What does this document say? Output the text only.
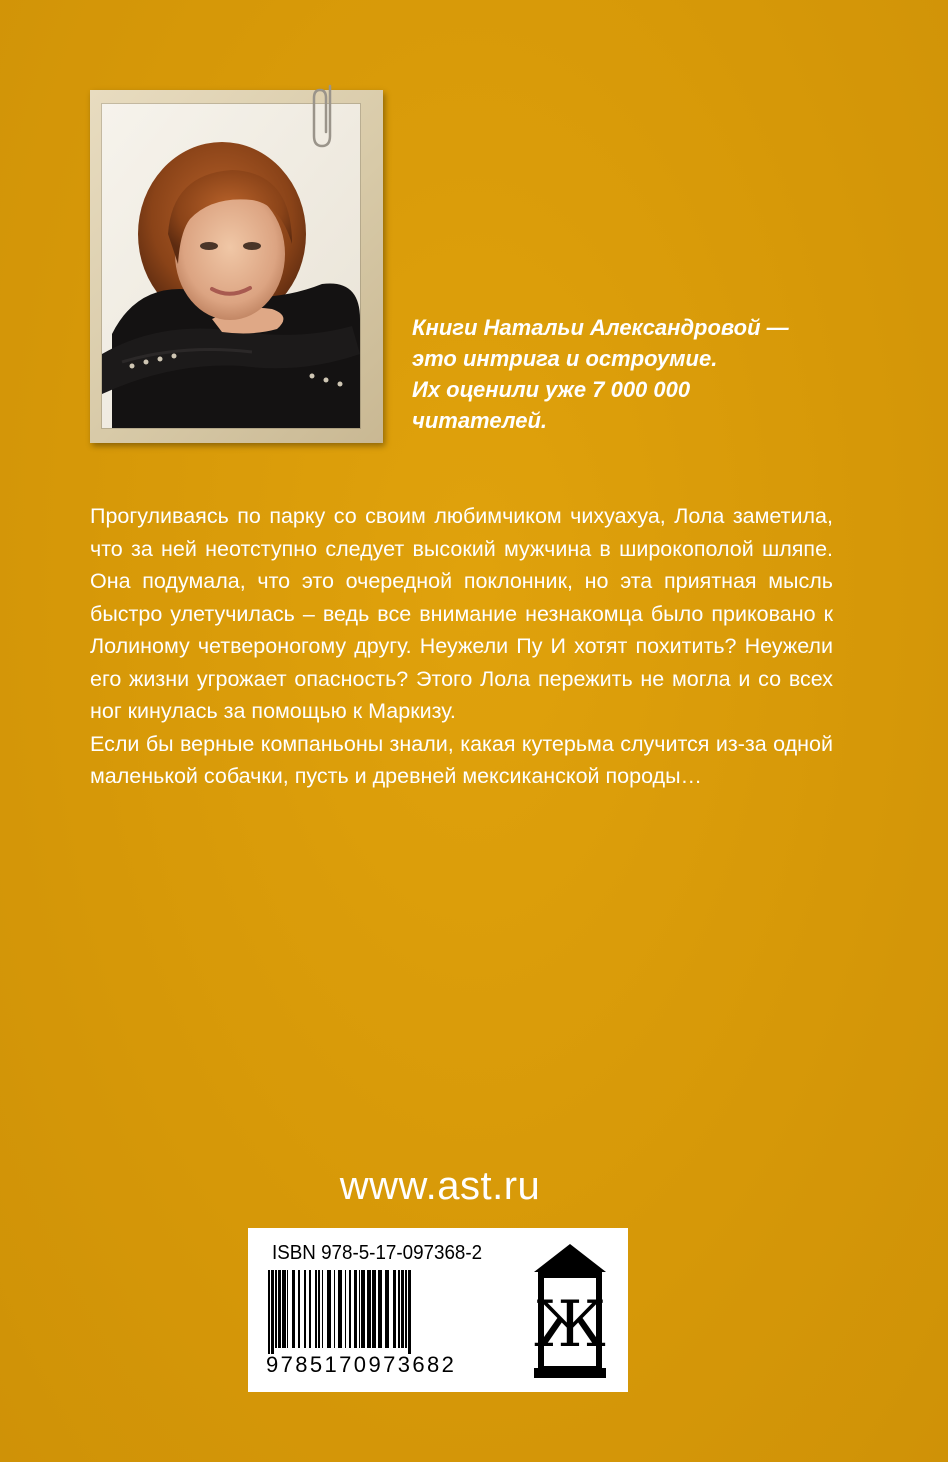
Книги Натальи Александровой —
это интрига и остроумие.
Их оценили уже 7 000 000
читателей.

Прогуливаясь по парку со своим любимчиком чихуахуа, Лола заметила, что за ней неотступно следует высокий мужчина в широкополой шляпе. Она подумала, что это очередной поклонник, но эта приятная мысль быстро улетучилась – ведь все внимание незнакомца было приковано к Лолиному четвероногому другу. Неужели Пу И хотят похитить? Неужели его жизни угрожает опасность? Этого Лола пережить не могла и со всех ног кинулась за помощью к Маркизу.

Если бы верные компаньоны знали, какая кутерьма случится из-за одной маленькой собачки, пусть и древней мексиканской породы…

www.ast.ru
ISBN 978-5-17-097368-2
9785170973682
Ж
